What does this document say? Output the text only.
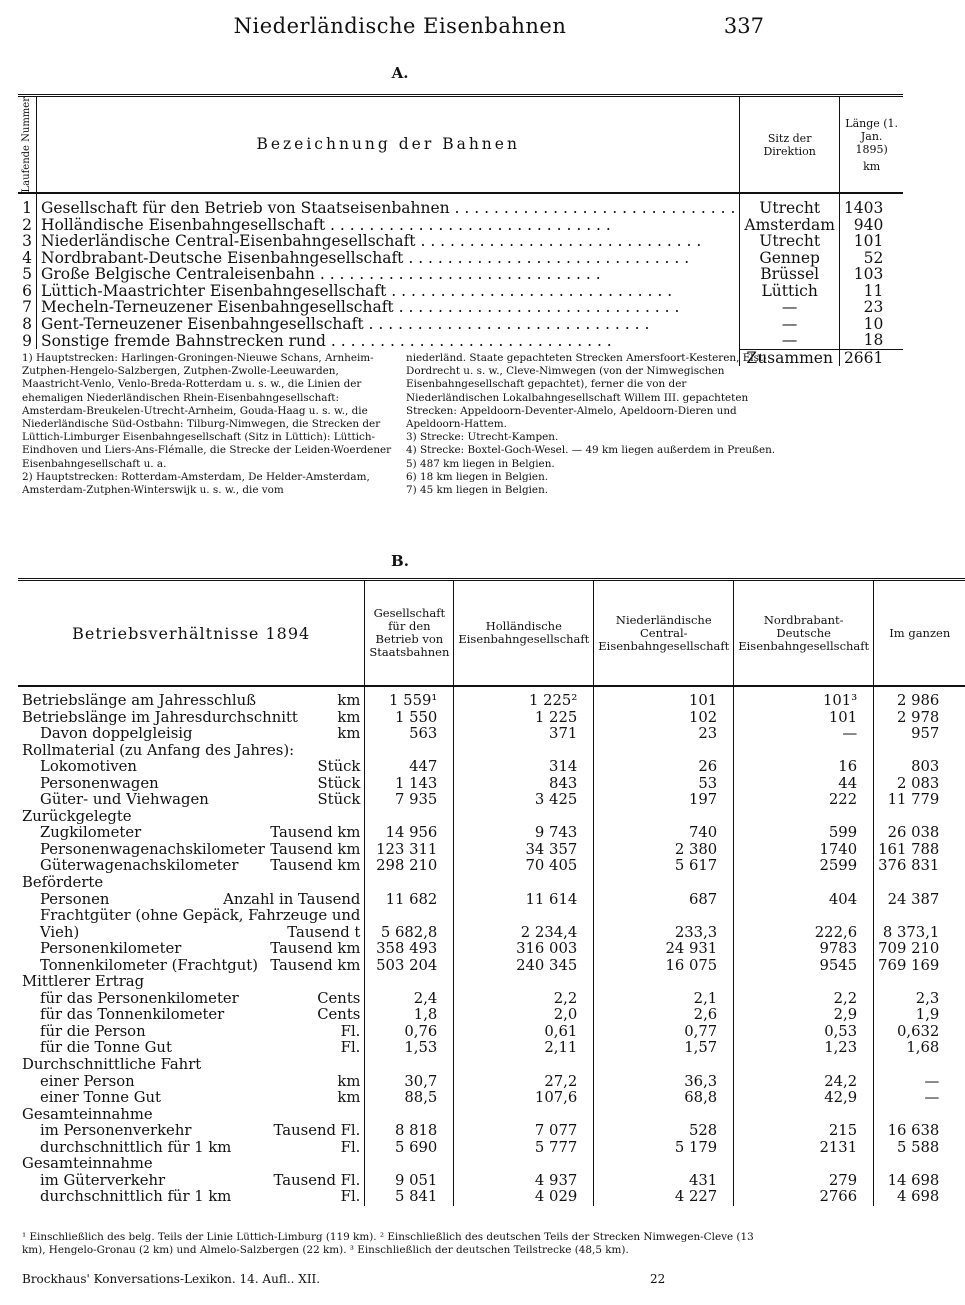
Niederländische Eisenbahnen	337
A.
Laufende Nummer	Bezeichnung der Bahnen	Sitz der Direktion	Länge (1. Jan. 1895)
km

1	Gesellschaft für den Betrieb von Staatseisenbahnen . . . . . . . . . . . . . . . . . . . . . . . . . . . . .	Utrecht	1403
2	Holländische Eisenbahngesellschaft . . . . . . . . . . . . . . . . . . . . . . . . . . . . .	Amsterdam	940
3	Niederländische Central-Eisenbahngesellschaft . . . . . . . . . . . . . . . . . . . . . . . . . . . . .	Utrecht	101
4	Nordbrabant-Deutsche Eisenbahngesellschaft . . . . . . . . . . . . . . . . . . . . . . . . . . . . .	Gennep	52
5	Große Belgische Centraleisenbahn . . . . . . . . . . . . . . . . . . . . . . . . . . . . .	Brüssel	103
6	Lüttich-Maastrichter Eisenbahngesellschaft . . . . . . . . . . . . . . . . . . . . . . . . . . . . .	Lüttich	11
7	Mecheln-Terneuzener Eisenbahngesellschaft . . . . . . . . . . . . . . . . . . . . . . . . . . . . .	—	23
8	Gent-Terneuzener Eisenbahngesellschaft . . . . . . . . . . . . . . . . . . . . . . . . . . . . .	—	10
9	Sonstige fremde Bahnstrecken rund . . . . . . . . . . . . . . . . . . . . . . . . . . . . .	—	18
		Zusammen	2661

1) Hauptstrecken: Harlingen-Groningen-Nieuwe Schans, Arnheim-Zutphen-Hengelo-Salzbergen, Zutphen-Zwolle-Leeuwarden, Maastricht-Venlo, Venlo-Breda-Rotterdam u. s. w., die Linien der ehemaligen Niederländischen Rhein-Eisenbahngesellschaft: Amsterdam-Breukelen-Utrecht-Arnheim, Gouda-Haag u. s. w., die Niederländische Süd-Ostbahn: Tilburg-Nimwegen, die Strecken der Lüttich-Limburger Eisenbahngesellschaft (Sitz in Lüttich): Lüttich-Eindhoven und Liers-Ans-Flémalle, die Strecke der Leiden-Woerdener Eisenbahngesellschaft u. a.

2) Hauptstrecken: Rotterdam-Amsterdam, De Helder-Amsterdam, Amsterdam-Zutphen-Winterswijk u. s. w., die vom

niederländ. Staate gepachteten Strecken Amersfoort-Kesteren, Elst-Dordrecht u. s. w., Cleve-Nimwegen (von der Nimwegischen Eisenbahngesellschaft gepachtet), ferner die von der Niederländischen Lokalbahngesellschaft Willem III. gepachteten Strecken: Appeldoorn-Deventer-Almelo, Apeldoorn-Dieren und Apeldoorn-Hattem.

3) Strecke: Utrecht-Kampen.

4) Strecke: Boxtel-Goch-Wesel. — 49 km liegen außerdem in Preußen.

5) 487 km liegen in Belgien.

6) 18 km liegen in Belgien.

7) 45 km liegen in Belgien.

B.
Betriebsverhältnisse 1894	Gesellschaft für den Betrieb von Staatsbahnen	Holländische Eisenbahngesellschaft	Niederländische Central-Eisenbahngesellschaft	Nordbrabant-Deutsche Eisenbahngesellschaft	Im ganzen

Betriebslänge am Jahresschluß km	1 559¹	1 225²	101	101³	2 986

Betriebslänge im Jahresdurchschnitt km	1 550	1 225	102	101	2 978

Davon doppelgleisig km	563	371	23	—	957

Rollmaterial (zu Anfang des Jahres):					

Lokomotiven Stück	447	314	26	16	803

Personenwagen Stück	1 143	843	53	44	2 083

Güter- und Viehwagen Stück	7 935	3 425	197	222	11 779

Zurückgelegte					

Zugkilometer Tausend km	14 956	9 743	740	599	26 038

Personenwagenachskilometer Tausend km	123 311	34 357	2 380	1740	161 788

Güterwagenachskilometer Tausend km	298 210	70 405	5 617	2599	376 831

Beförderte					

Personen Anzahl in Tausend	11 682	11 614	687	404	24 387

Frachtgüter (ohne Gepäck, Fahrzeuge und					

Vieh) Tausend t	5 682,8	2 234,4	233,3	222,6	8 373,1

Personenkilometer Tausend km	358 493	316 003	24 931	9783	709 210

Tonnenkilometer (Frachtgut) Tausend km	503 204	240 345	16 075	9545	769 169

Mittlerer Ertrag					

für das Personenkilometer Cents	2,4	2,2	2,1	2,2	2,3

für das Tonnenkilometer Cents	1,8	2,0	2,6	2,9	1,9

für die Person Fl.	0,76	0,61	0,77	0,53	0,632

für die Tonne Gut Fl.	1,53	2,11	1,57	1,23	1,68

Durchschnittliche Fahrt					

einer Person km	30,7	27,2	36,3	24,2	—

einer Tonne Gut km	88,5	107,6	68,8	42,9	—

Gesamteinnahme					

im Personenverkehr Tausend Fl.	8 818	7 077	528	215	16 638

durchschnittlich für 1 km Fl.	5 690	5 777	5 179	2131	5 588

Gesamteinnahme					

im Güterverkehr Tausend Fl.	9 051	4 937	431	279	14 698

durchschnittlich für 1 km Fl.	5 841	4 029	4 227	2766	4 698
¹ Einschließlich des belg. Teils der Linie Lüttich-Limburg (119 km). ² Einschließlich des deutschen Teils der Strecken Nimwegen-Cleve (13 km), Hengelo-Gronau (2 km) und Almelo-Salzbergen (22 km). ³ Einschließlich der deutschen Teilstrecke (48,5 km).
Brockhaus' Konversations-Lexikon. 14. Aufl.. XII.	22
